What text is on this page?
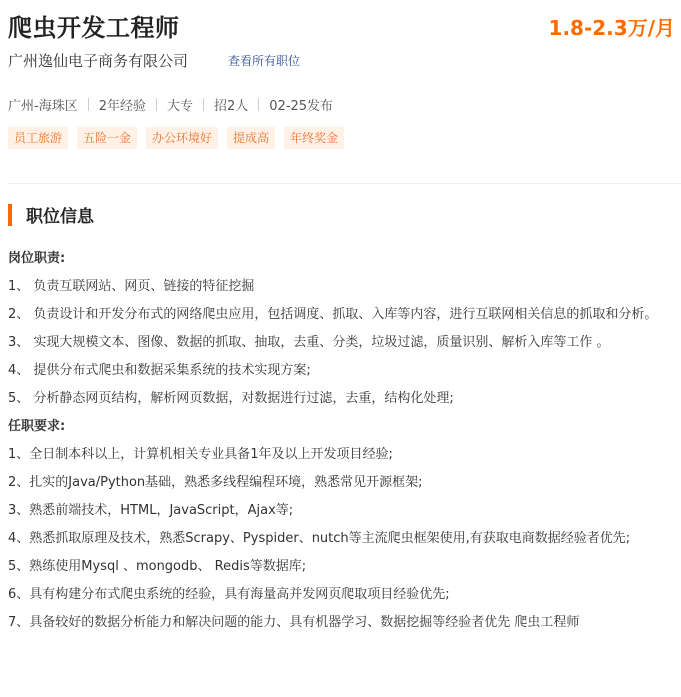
爬虫开发工程师	1.8-2.3万/月
广州逸仙电子商务有限公司	查看所有职位
广州-海珠区 2年经验 大专 招2人 02-25发布
员工旅游	五险一金	办公环境好	提成高	年终奖金
职位信息
岗位职责:
1、 负责互联网站、网页、链接的特征挖掘
2、 负责设计和开发分布式的网络爬虫应用，包括调度、抓取、入库等内容，进行互联网相关信息的抓取和分析。
3、 实现大规模文本、图像、数据的抓取、抽取，去重、分类，垃圾过滤，质量识别、解析入库等工作 。
4、 提供分布式爬虫和数据采集系统的技术实现方案;
5、 分析静态网页结构，解析网页数据，对数据进行过滤，去重，结构化处理;
任职要求:
1、全日制本科以上，计算机相关专业具备1年及以上开发项目经验;
2、扎实的Java/Python基础，熟悉多线程编程环境，熟悉常见开源框架;
3、熟悉前端技术，HTML，JavaScript，Ajax等;
4、熟悉抓取原理及技术，熟悉Scrapy、Pyspider、nutch等主流爬虫框架使用,有获取电商数据经验者优先;
5、熟练使用Mysql 、mongodb、 Redis等数据库;
6、具有构建分布式爬虫系统的经验，具有海量高并发网页爬取项目经验优先;
7、具备较好的数据分析能力和解决问题的能力、具有机器学习、数据挖掘等经验者优先 爬虫工程师
